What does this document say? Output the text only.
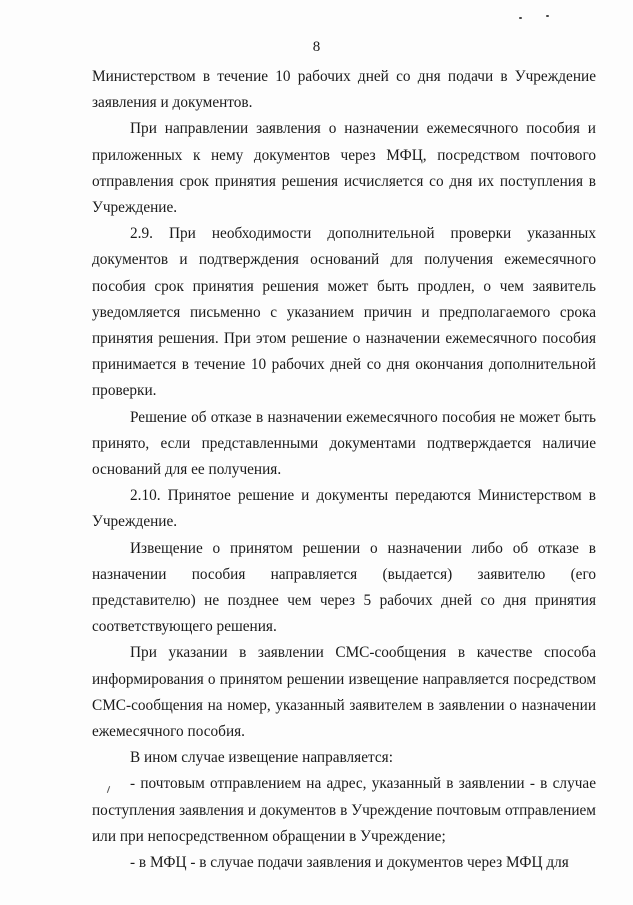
8

Министерством в течение 10 рабочих дней со дня подачи в Учреждение заявления и документов.

При направлении заявления о назначении ежемесячного пособия и приложенных к нему документов через МФЦ, посредством почтового отправления срок принятия решения исчисляется со дня их поступления в Учреждение.

2.9. При необходимости дополнительной проверки указанных документов и подтверждения оснований для получения ежемесячного пособия срок принятия решения может быть продлен, о чем заявитель уведомляется письменно с указанием причин и предполагаемого срока принятия решения. При этом решение о назначении ежемесячного пособия принимается в течение 10 рабочих дней со дня окончания дополнительной проверки.

Решение об отказе в назначении ежемесячного пособия не может быть принято, если представленными документами подтверждается наличие оснований для ее получения.

2.10. Принятое решение и документы передаются Министерством в Учреждение.

Извещение о принятом решении о назначении либо об отказе в назначении пособия направляется (выдается) заявителю (его представителю) не позднее чем через 5 рабочих дней со дня принятия соответствующего решения.

При указании в заявлении СМС-сообщения в качестве способа информирования о принятом решении извещение направляется посредством СМС-сообщения на номер, указанный заявителем в заявлении о назначении ежемесячного пособия.

В ином случае извещение направляется:

- почтовым отправлением на адрес, указанный в заявлении - в случае поступления заявления и документов в Учреждение почтовым отправлением или при непосредственном обращении в Учреждение;

- в МФЦ - в случае подачи заявления и документов через МФЦ для
